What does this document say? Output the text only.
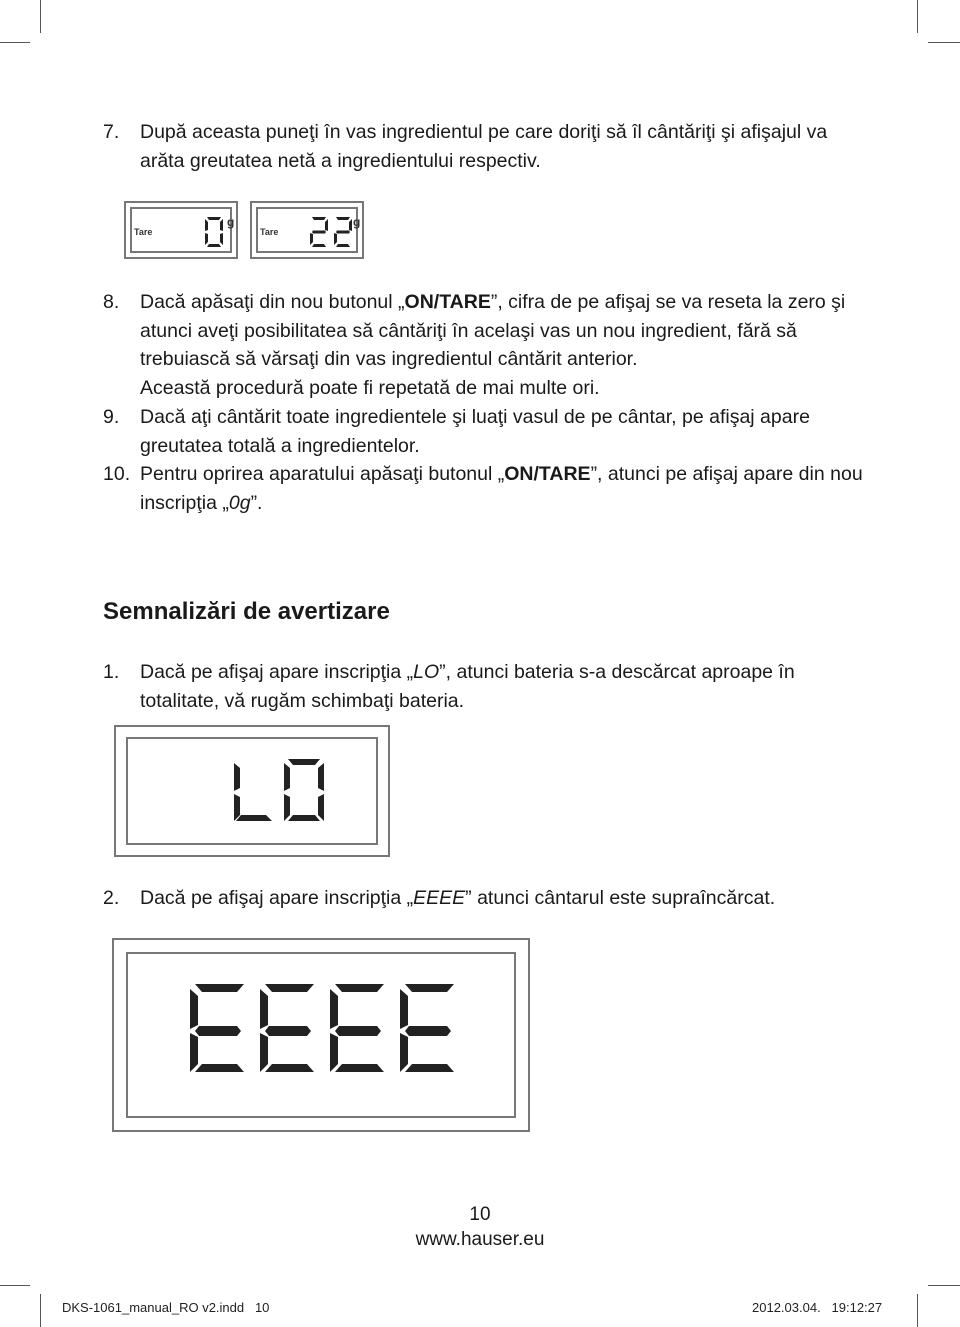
7. După aceasta puneţi în vas ingredientul pe care doriţi să îl cântăriţi şi afişajul va arăta greutatea netă a ingredientului respectiv.
Tare
g
Tare
g
8. Dacă apăsaţi din nou butonul „ON/TARE”, cifra de pe afişaj se va reseta la zero şi atunci aveţi posibilitatea să cântăriţi în acelaşi vas un nou ingredient, fără să trebuiască să vărsaţi din vas ingredientul cântărit anterior.
Această procedură poate fi repetată de mai multe ori.
9. Dacă aţi cântărit toate ingredientele şi luaţi vasul de pe cântar, pe afişaj apare greutatea totală a ingredientelor.
10. Pentru oprirea aparatului apăsaţi butonul „ON/TARE”, atunci pe afişaj apare din nou inscripţia „0g”.
Semnalizări de avertizare
1. Dacă pe afişaj apare inscripţia „LO”, atunci bateria s-a descărcat aproape în totalitate, vă rugăm schimbaţi bateria.
2. Dacă pe afişaj apare inscripţia „EEEE” atunci cântarul este supraîncărcat.
10
www.hauser.eu
DKS-1061_manual_RO v2.indd   10	2012.03.04.   19:12:27
